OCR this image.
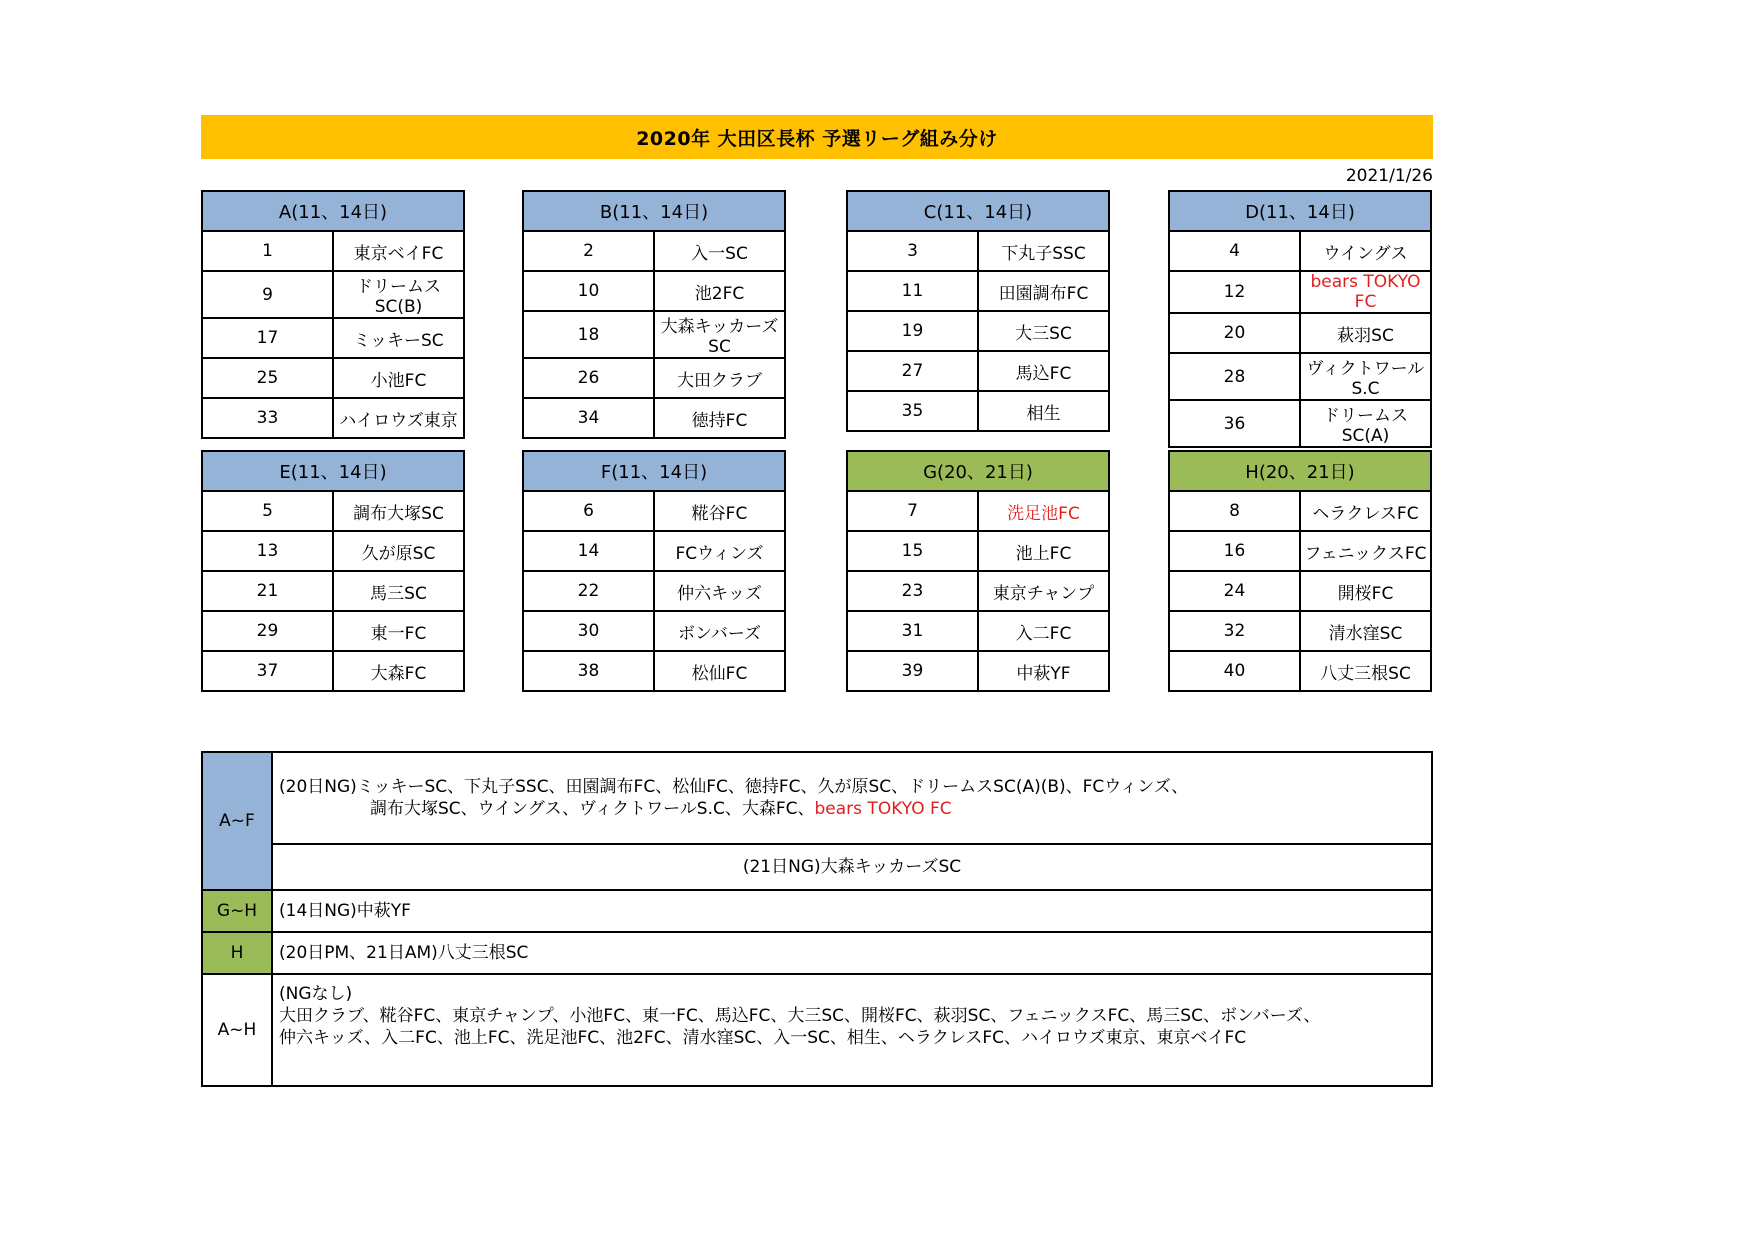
2020年 大田区長杯 予選リーグ組み分け
2021/1/26
A(11、14日)	
1	東京ベイFC
9	ドリームスSC(B)
17	ミッキーSC
25	小池FC
33	ハイロウズ東京
B(11、14日)	
2	入一SC
10	池2FC
18	大森キッカーズSC
26	大田クラブ
34	徳持FC
C(11、14日)	
3	下丸子SSC
11	田園調布FC
19	大三SC
27	馬込FC
35	相生
D(11、14日)	
4	ウイングス
12	bears TOKYO FC
20	萩羽SC
28	ヴィクトワールS.C
36	ドリームスSC(A)
E(11、14日)	
5	調布大塚SC
13	久が原SC
21	馬三SC
29	東一FC
37	大森FC
F(11、14日)	
6	糀谷FC
14	FCウィンズ
22	仲六キッズ
30	ボンバーズ
38	松仙FC
G(20、21日)	
7	洗足池FC
15	池上FC
23	東京チャンプ
31	入二FC
39	中萩YF
H(20、21日)	
8	ヘラクレスFC
16	フェニックスFC
24	開桜FC
32	清水窪SC
40	八丈三根SC
A~F	(20日NG)ミッキーSC、下丸子SSC、田園調布FC、松仙FC、徳持FC、久が原SC、ドリームスSC(A)(B)、FCウィンズ、
調布大塚SC、ウイングス、ヴィクトワールS.C、大森FC、bears TOKYO FC

	(21日NG)大森キッカーズSC
G~H	(14日NG)中萩YF
H	(20日PM、21日AM)八丈三根SC
A~H	(NGなし)
大田クラブ、糀谷FC、東京チャンプ、小池FC、東一FC、馬込FC、大三SC、開桜FC、萩羽SC、フェニックスFC、馬三SC、ボンバーズ、
仲六キッズ、入二FC、池上FC、洗足池FC、池2FC、清水窪SC、入一SC、相生、ヘラクレスFC、ハイロウズ東京、東京ベイFC
